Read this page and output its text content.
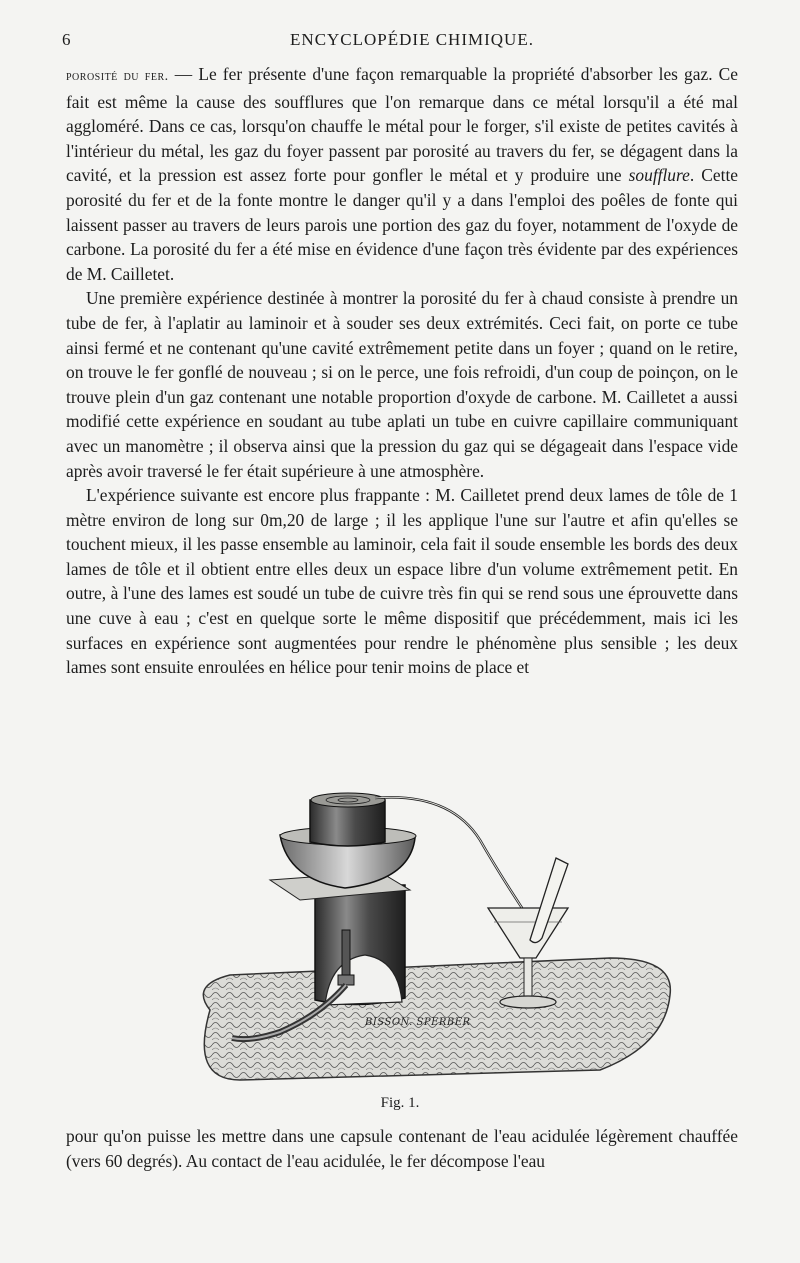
6	ENCYCLOPÉDIE CHIMIQUE.

porosité du fer. — Le fer présente d'une façon remarquable la propriété d'absorber les gaz. Ce fait est même la cause des soufflures que l'on remarque dans ce métal lorsqu'il a été mal aggloméré. Dans ce cas, lorsqu'on chauffe le métal pour le forger, s'il existe de petites cavités à l'intérieur du métal, les gaz du foyer passent par porosité au travers du fer, se dégagent dans la cavité, et la pression est assez forte pour gonfler le métal et y produire une soufflure. Cette porosité du fer et de la fonte montre le danger qu'il y a dans l'emploi des poêles de fonte qui laissent passer au travers de leurs parois une portion des gaz du foyer, notamment de l'oxyde de carbone. La porosité du fer a été mise en évidence d'une façon très évidente par des expériences de M. Cailletet.

Une première expérience destinée à montrer la porosité du fer à chaud consiste à prendre un tube de fer, à l'aplatir au laminoir et à souder ses deux extrémités. Ceci fait, on porte ce tube ainsi fermé et ne contenant qu'une cavité extrêmement petite dans un foyer ; quand on le retire, on trouve le fer gonflé de nouveau ; si on le perce, une fois refroidi, d'un coup de poinçon, on le trouve plein d'un gaz contenant une notable proportion d'oxyde de carbone. M. Cailletet a aussi modifié cette expérience en soudant au tube aplati un tube en cuivre capillaire communiquant avec un manomètre ; il observa ainsi que la pression du gaz qui se dégageait dans l'espace vide après avoir traversé le fer était supérieure à une atmosphère.

L'expérience suivante est encore plus frappante : M. Cailletet prend deux lames de tôle de 1 mètre environ de long sur 0m,20 de large ; il les applique l'une sur l'autre et afin qu'elles se touchent mieux, il les passe ensemble au laminoir, cela fait il soude ensemble les bords des deux lames de tôle et il obtient entre elles deux un espace libre d'un volume extrêmement petit. En outre, à l'une des lames est soudé un tube de cuivre très fin qui se rend sous une éprouvette dans une cuve à eau ; c'est en quelque sorte le même dispositif que précédemment, mais ici les surfaces en expérience sont augmentées pour rendre le phénomène plus sensible ; les deux lames sont ensuite enroulées en hélice pour tenir moins de place et

BISSON. SPERBER
Fig. 1.

pour qu'on puisse les mettre dans une capsule contenant de l'eau acidulée légèrement chauffée (vers 60 degrés). Au contact de l'eau acidulée, le fer décompose l'eau
